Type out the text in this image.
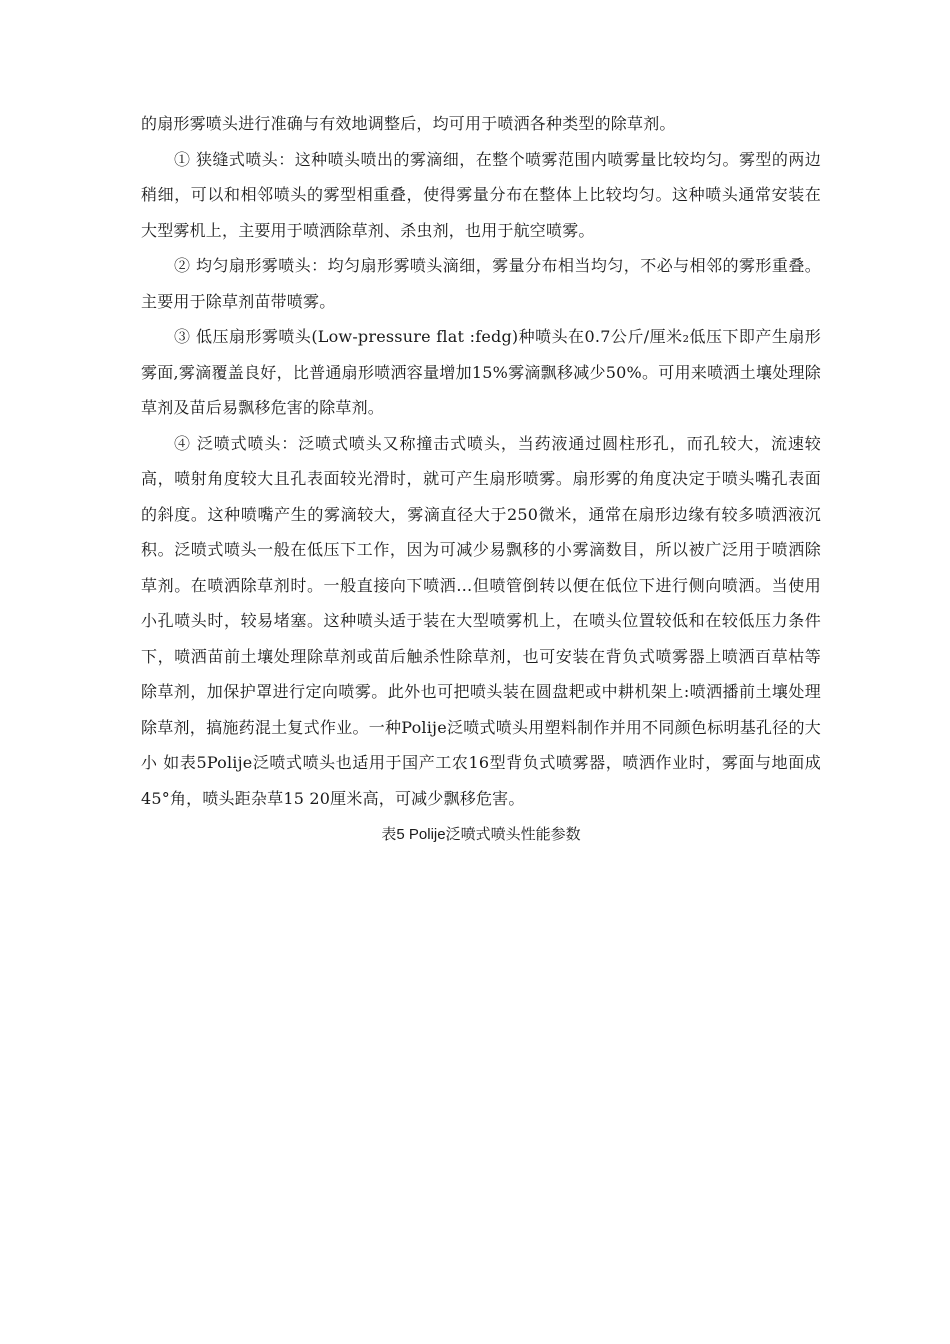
的扇形雾喷头进行准确与有效地调整后，均可用于喷洒各种类型的除草剂。

① 狭缝式喷头：这种喷头喷出的雾滴细，在整个喷雾范围内喷雾量比较均匀。雾型的两边稍细，可以和相邻喷头的雾型相重叠，使得雾量分布在整体上比较均匀。这种喷头通常安装在大型雾机上，主要用于喷洒除草剂、杀虫剂，也用于航空喷雾。

② 均匀扇形雾喷头：均匀扇形雾喷头滴细，雾量分布相当均匀，不必与相邻的雾形重叠。主要用于除草剂苗带喷雾。

③ 低压扇形雾喷头(Low-pressure flat :fedg)种喷头在0.7公斤/厘米₂低压下即产生扇形雾面,雾滴覆盖良好，比普通扇形喷洒容量增加15%雾滴飘移减少50%。可用来喷洒土壤处理除草剂及苗后易飘移危害的除草剂。

④ 泛喷式喷头：泛喷式喷头又称撞击式喷头，当药液通过圆柱形孔，而孔较大，流速较高，喷射角度较大且孔表面较光滑时，就可产生扇形喷雾。扇形雾的角度决定于喷头嘴孔表面的斜度。这种喷嘴产生的雾滴较大，雾滴直径大于250微米，通常在扇形边缘有较多喷洒液沉积。泛喷式喷头一般在低压下工作，因为可减少易飘移的小雾滴数目，所以被广泛用于喷洒除草剂。在喷洒除草剂时。一般直接向下喷洒…但喷管倒转以便在低位下进行侧向喷洒。当使用小孔喷头时，较易堵塞。这种喷头适于装在大型喷雾机上，在喷头位置较低和在较低压力条件下，喷洒苗前土壤处理除草剂或苗后触杀性除草剂，也可安装在背负式喷雾器上喷洒百草枯等除草剂，加保护罩进行定向喷雾。此外也可把喷头装在圆盘耙或中耕机架上:喷洒播前土壤处理除草剂，搞施药混土复式作业。一种Polije泛喷式喷头用塑料制作并用不同颜色标明基孔径的大小 如表5Polije泛喷式喷头也适用于国产工农16型背负式喷雾器，喷洒作业时，雾面与地面成45°角，喷头距杂草15 20厘米高，可减少飘移危害。

表5 Polije泛喷式喷头性能参数
